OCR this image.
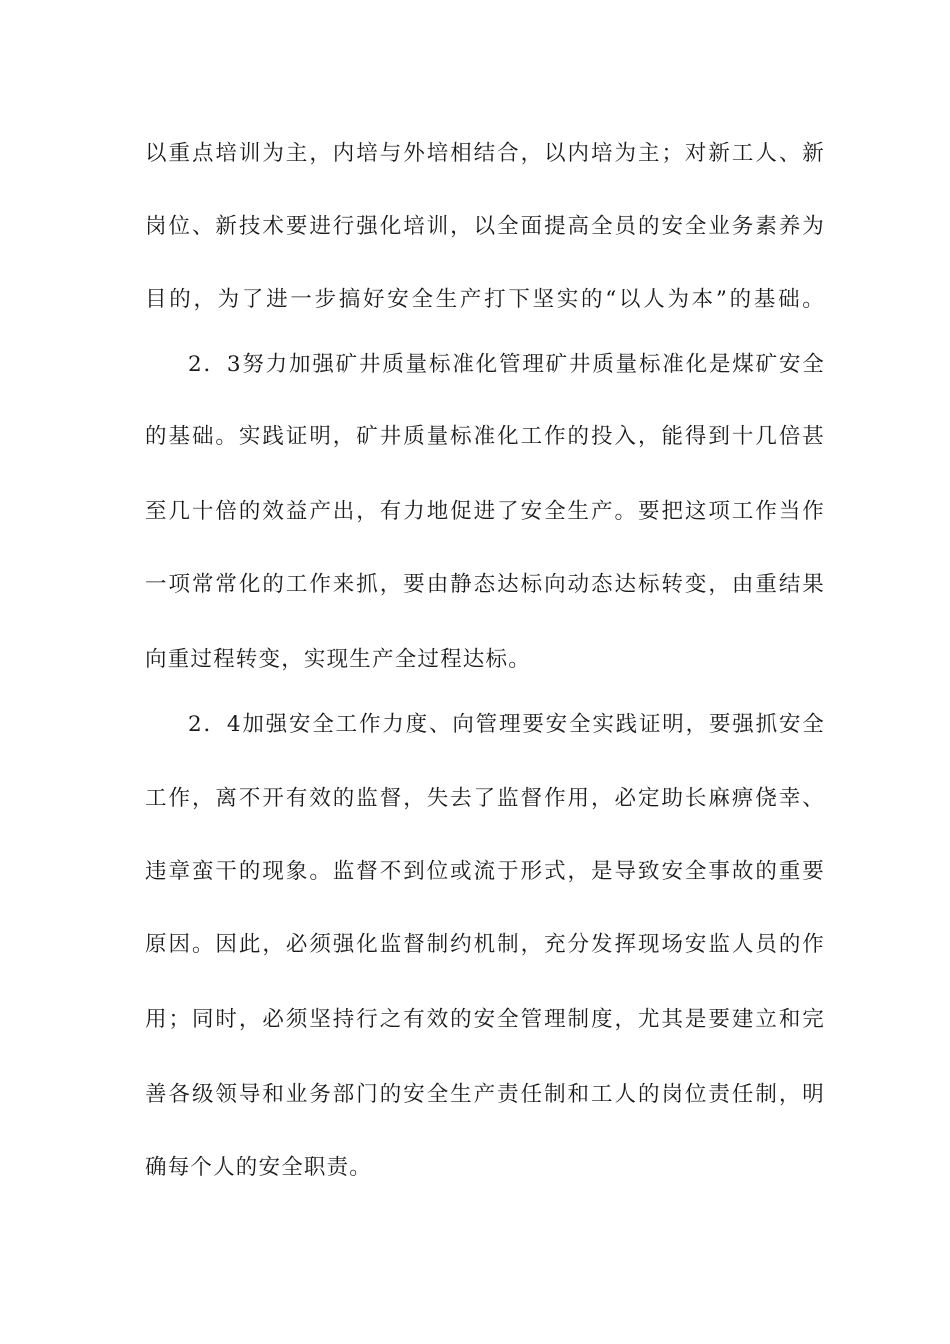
以重点培训为主，内培与外培相结合，以内培为主；对新工人、新
岗位、新技术要进行强化培训，以全面提高全员的安全业务素养为
目的，为了进一步搞好安全生产打下坚实的“以人为本”的基础。
2．3努力加强矿井质量标准化管理矿井质量标准化是煤矿安全
的基础。实践证明，矿井质量标准化工作的投入，能得到十几倍甚
至几十倍的效益产出，有力地促进了安全生产。要把这项工作当作
一项常常化的工作来抓，要由静态达标向动态达标转变，由重结果
向重过程转变，实现生产全过程达标。
2．4加强安全工作力度、向管理要安全实践证明，要强抓安全
工作，离不开有效的监督，失去了监督作用，必定助长麻痹侥幸、
违章蛮干的现象。监督不到位或流于形式，是导致安全事故的重要
原因。因此，必须强化监督制约机制，充分发挥现场安监人员的作
用；同时，必须坚持行之有效的安全管理制度，尤其是要建立和完
善各级领导和业务部门的安全生产责任制和工人的岗位责任制，明
确每个人的安全职责。
